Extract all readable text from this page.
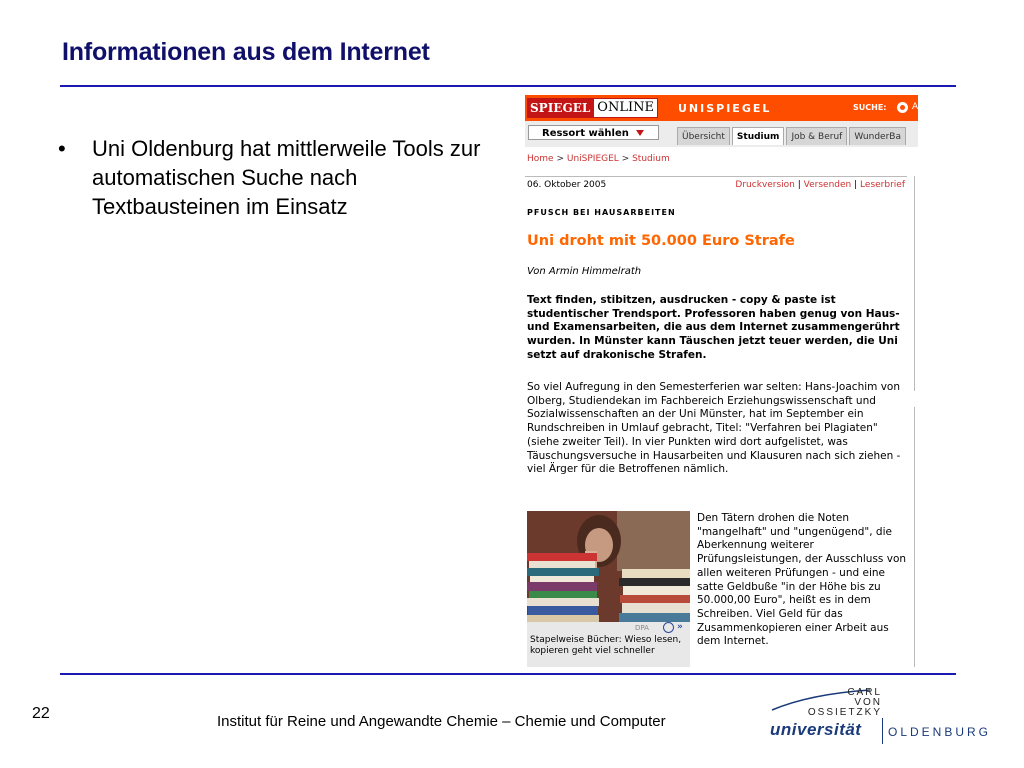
Informationen aus dem Internet
•	Uni Oldenburg hat mittlerweile Tools zur automatischen Suche nach Textbausteinen im Einsatz
SPIEGEL ONLINE	UNISPIEGEL	SUCHE:	A
Ressort wählen	Übersicht	Studium	Job & Beruf	WunderBa
Home > UniSPIEGEL > Studium
06. Oktober 2005	Druckversion | Versenden | Leserbrief
PFUSCH BEI HAUSARBEITEN
Uni droht mit 50.000 Euro Strafe
Von Armin Himmelrath
Text finden, stibitzen, ausdrucken - copy & paste ist studentischer Trendsport. Professoren haben genug von Haus- und Examensarbeiten, die aus dem Internet zusammengerührt wurden. In Münster kann Täuschen jetzt teuer werden, die Uni setzt auf drakonische Strafen.
So viel Aufregung in den Semesterferien war selten: Hans-Joachim von Olberg, Studiendekan im Fachbereich Erziehungswissenschaft und Sozialwissenschaften an der Uni Münster, hat im September ein Rundschreiben in Umlauf gebracht, Titel: "Verfahren bei Plagiaten" (siehe zweiter Teil). In vier Punkten wird dort aufgelistet, was Täuschungsversuche in Hausarbeiten und Klausuren nach sich ziehen - viel Ärger für die Betroffenen nämlich.
DPA	»
Stapelweise Bücher: Wieso lesen, kopieren geht viel schneller
Den Tätern drohen die Noten "mangelhaft" und "ungenügend", die Aberkennung weiterer Prüfungsleistungen, der Ausschluss von allen weiteren Prüfungen - und eine satte Geldbuße "in der Höhe bis zu 50.000,00 Euro", heißt es in dem Schreiben. Viel Geld für das Zusammenkopieren einer Arbeit aus dem Internet.
22	Institut für Reine und Angewandte Chemie – Chemie und Computer
CARL
VON
OSSIETZKY
universität OLDENBURG
